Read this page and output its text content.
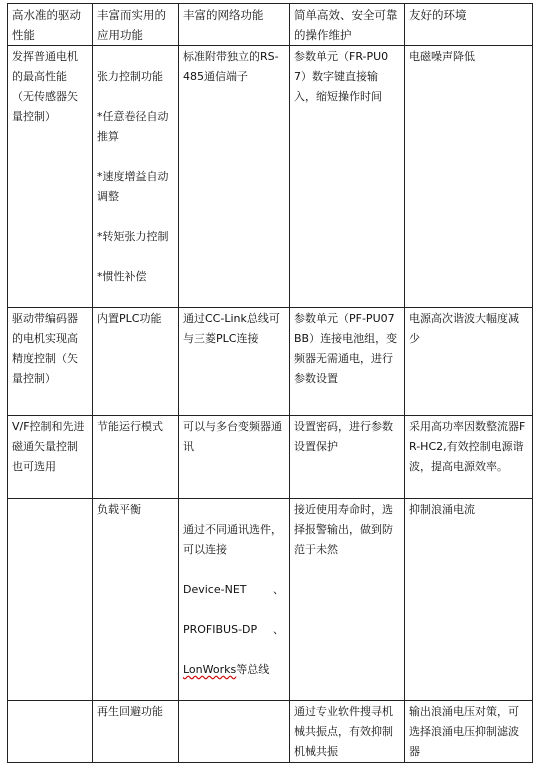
高水准的驱动性能	丰富而实用的应用功能	丰富的网络功能	简单高效、安全可靠的操作维护	友好的环境
发挥普通电机的最高性能（无传感器矢量控制）	张力控制功能

*任意卷径自动推算

*速度增益自动调整

*转矩张力控制

*惯性补偿	标准附带独立的RS-485通信端子	参数单元（FR-PU07）数字键直接输入，缩短操作时间	电磁噪声降低
驱动带编码器的电机实现高精度控制（矢量控制）	内置PLC功能	通过CC-Link总线可与三菱PLC连接	参数单元（PF-PU07BB）连接电池组，变频器无需通电，进行参数设置	电源高次谐波大幅度减少
V/F控制和先进磁通矢量控制也可选用	节能运行模式	可以与多台变频器通讯	设置密码，进行参数设置保护	采用高功率因数整流器FR-HC2,有效控制电源谐波，提高电源效率。
	负载平衡	通过不同通讯选件，可以连接

Device-NET、

PROFIBUS-DP、

LonWorks等总线	接近使用寿命时，选择报警输出，做到防范于未然	抑制浪涌电流
	再生回避功能		通过专业软件搜寻机械共振点，有效抑制机械共振	输出浪涌电压对策，可选择浪涌电压抑制滤波器
